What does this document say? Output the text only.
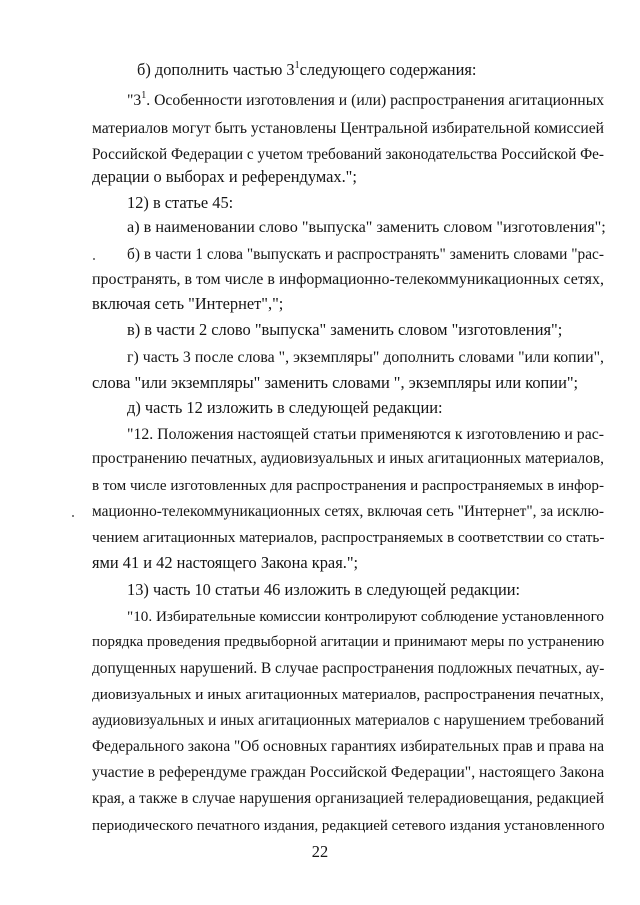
б) дополнить частью $3^1следующего$ содержания:
"$3^1$. Особенности изготовления и (или) распространения агитационных
материалов могут быть установлены Центральной избирательной комиссией
Российской Федерации с учетом требований законодательства Российской Фе-
дерации о выборах и референдумах.";
12) в статье 45:
а) в наименовании слово "выпуска" заменить словом "изготовления";
б) в части 1 слова "выпускать и распространять" заменить словами "рас-
пространять, в том числе в информационно-телекоммуникационных сетях,
включая сеть "Интернет",";
в) в части 2 слово "выпуска" заменить словом "изготовления";
г) часть 3 после слова ", экземпляры" дополнить словами "или копии",
слова "или экземпляры" заменить словами ", экземпляры или копии";
д) часть 12 изложить в следующей редакции:
"12. Положения настоящей статьи применяются к изготовлению и рас-
пространению печатных, аудиовизуальных и иных агитационных материалов,
в том числе изготовленных для распространения и распространяемых в инфор-
мационно-телекоммуникационных сетях, включая сеть "Интернет", за исклю-
чением агитационных материалов, распространяемых в соответствии со стать-
ями 41 и 42 настоящего Закона края.";
13) часть 10 статьи 46 изложить в следующей редакции:
"10. Избирательные комиссии контролируют соблюдение установленного
порядка проведения предвыборной агитации и принимают меры по устранению
допущенных нарушений. В случае распространения подложных печатных, ау-
диовизуальных и иных агитационных материалов, распространения печатных,
аудиовизуальных и иных агитационных материалов с нарушением требований
Федерального закона "Об основных гарантиях избирательных прав и права на
участие в референдуме граждан Российской Федерации", настоящего Закона
края, а также в случае нарушения организацией телерадиовещания, редакцией
периодического печатного издания, редакцией сетевого издания установленного
22
